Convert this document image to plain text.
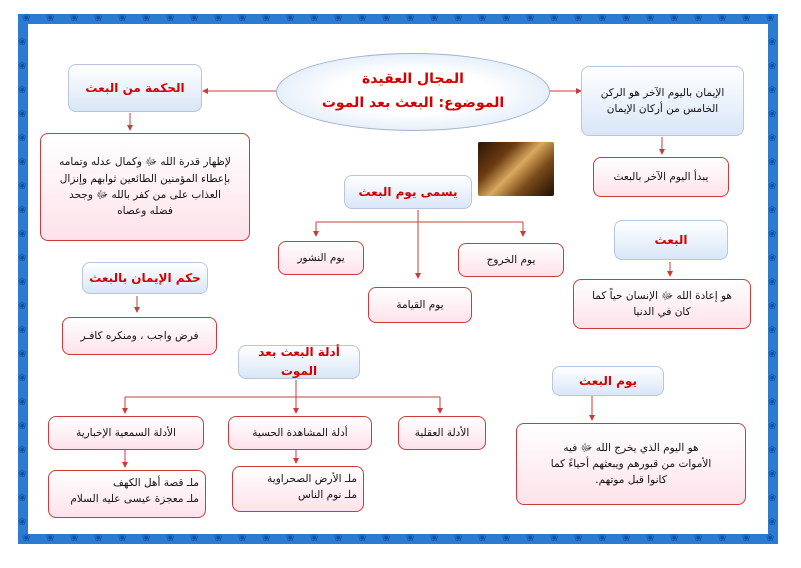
❀
❀
❀
❀
❀
❀
❀
❀
❀
❀
❀
❀
❀
❀
❀
❀
❀
❀
❀
❀
❀
❀
❀
❀
❀
❀
❀
❀
❀
❀
❀
❀
❀
❀
❀
❀
❀
❀
❀
❀
❀
❀
❀
❀
❀
❀
❀
❀
❀
❀
❀
❀
❀
❀
❀
❀
❀
❀
❀
❀
❀
❀
❀
❀
❀	❀
❀	❀
❀	❀
❀	❀
❀	❀
❀	❀
❀	❀
❀	❀
❀	❀
❀	❀
❀	❀
❀	❀
❀	❀
❀	❀
❀	❀
❀	❀
❀	❀
❀	❀
❀	❀
❀	❀
❀	❀
المجال العقيدة
الموضوع: البعث بعد الموت
الحكمة من البعث
لإظهار قدرة الله ﷻ وكمال عدله وتمامه
بإعطاء المؤمنين الطائعين ثوابهم وإنزال
العذاب على من كفر بالله ﷻ وجحد
فضله وعصاه
الإيمان باليوم الآخر هو الركن
الخامس من أركان الإيمان
يبدأ اليوم الآخر بالبعث
يسمى يوم البعث
يوم الخروج
يوم النشور
يوم القيامة
البعث
هو إعادة الله ﷻ الإنسان حياً كما
كان في الدنيا
حكم الإيمان بالبعث
فرض واجب ، ومنكره كافـر
أدلة البعث بعد الموت
الأدلة العقلية
أدلة المشاهدة الحسية
الأدلة السمعية الإخبارية
ملـ الأرض الصحراوية
ملـ نوم الناس
ملـ قصة أهل الكهف
ملـ معجزة عيسى عليه السلام
يوم البعث
هو اليوم الذي يخرج الله ﷻ فيه
الأموات من قبورهم ويبعثهم أحياءً كما
كانوا قبل موتهم.
